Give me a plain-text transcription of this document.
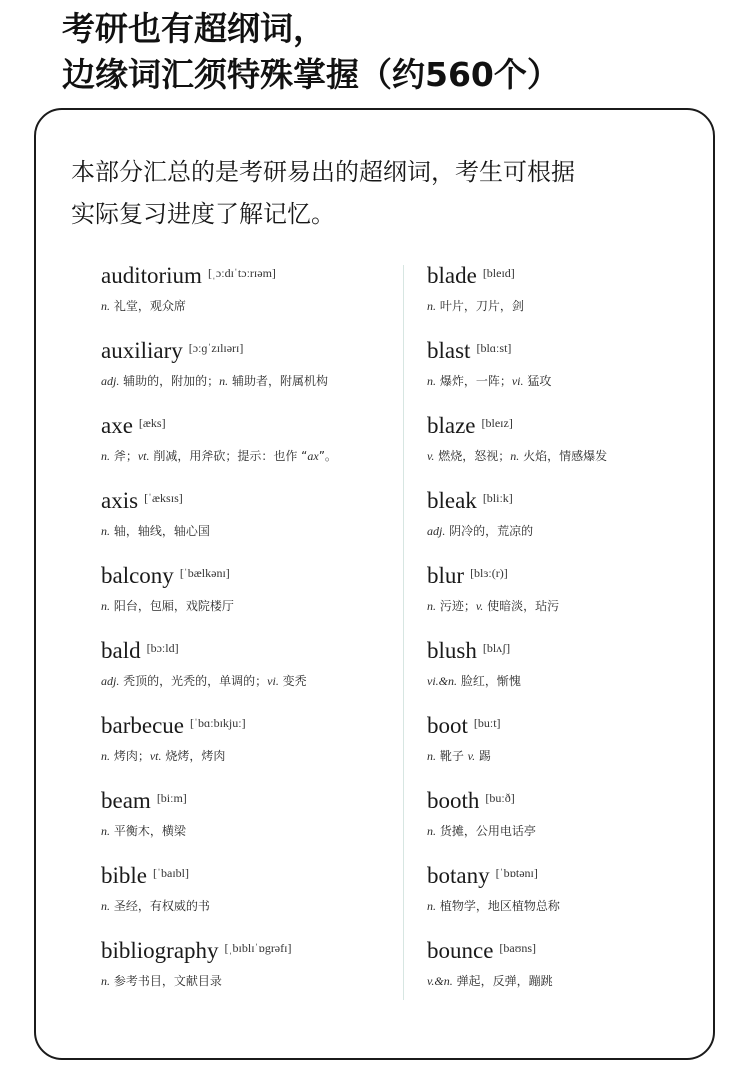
考研也有超纲词，
边缘词汇须特殊掌握（约560个）
本部分汇总的是考研易出的超纲词，考生可根据
实际复习进度了解记忆。
auditorium [ˌɔːdɪˈtɔːrɪəm]
n. 礼堂，观众席
auxiliary [ɔːɡˈzɪlɪərɪ]
adj. 辅助的，附加的；n. 辅助者，附属机构
axe [æks]
n. 斧；vt. 削减，用斧砍；提示：也作 “ax”。
axis [ˈæksɪs]
n. 轴，轴线，轴心国
balcony [ˈbælkənɪ]
n. 阳台，包厢，戏院楼厅
bald [bɔːld]
adj. 秃顶的，光秃的，单调的；vi. 变秃
barbecue [ˈbɑːbɪkjuː]
n. 烤肉；vt. 烧烤，烤肉
beam [biːm]
n. 平衡木，横梁
bible [ˈbaɪbl]
n. 圣经，有权威的书
bibliography [ˌbɪblɪˈɒgrəfɪ]
n. 参考书目，文献目录
blade [bleɪd]
n. 叶片，刀片，剑
blast [blɑːst]
n. 爆炸，一阵；vi. 猛攻
blaze [bleɪz]
v. 燃烧，怒视；n. 火焰，情感爆发
bleak [bliːk]
adj. 阴冷的，荒凉的
blur [blɜː(r)]
n. 污迹；v. 使暗淡，玷污
blush [blʌʃ]
vi.&n. 脸红，惭愧
boot [buːt]
n. 靴子 v. 踢
booth [buːð]
n. 货摊，公用电话亭
botany [ˈbɒtənɪ]
n. 植物学，地区植物总称
bounce [baʊns]
v.&n. 弹起，反弹，蹦跳
